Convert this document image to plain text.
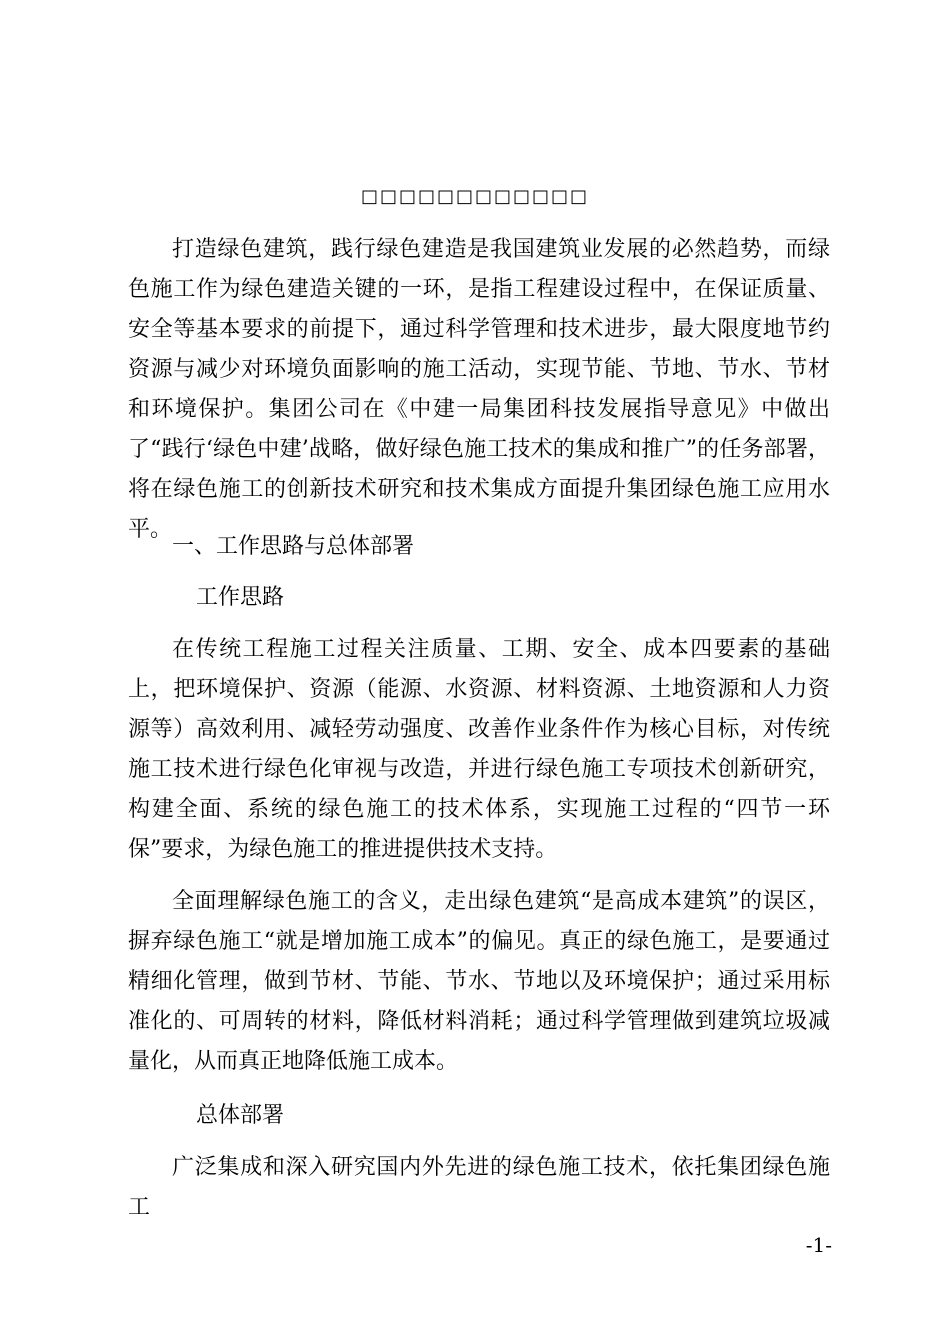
□□□□□□□□□□□□

打造绿色建筑，践行绿色建造是我国建筑业发展的必然趋势，而绿色施工作为绿色建造关键的一环，是指工程建设过程中，在保证质量、安全等基本要求的前提下，通过科学管理和技术进步，最大限度地节约资源与减少对环境负面影响的施工活动，实现节能、节地、节水、节材和环境保护。集团公司在《中建一局集团科技发展指导意见》中做出了“践行‘绿色中建’战略，做好绿色施工技术的集成和推广”的任务部署，将在绿色施工的创新技术研究和技术集成方面提升集团绿色施工应用水平。

一、工作思路与总体部署

工作思路

在传统工程施工过程关注质量、工期、安全、成本四要素的基础上，把环境保护、资源（能源、水资源、材料资源、土地资源和人力资源等）高效利用、减轻劳动强度、改善作业条件作为核心目标，对传统施工技术进行绿色化审视与改造，并进行绿色施工专项技术创新研究，构建全面、系统的绿色施工的技术体系，实现施工过程的“四节一环保”要求，为绿色施工的推进提供技术支持。

全面理解绿色施工的含义，走出绿色建筑“是高成本建筑”的误区，摒弃绿色施工“就是增加施工成本”的偏见。真正的绿色施工，是要通过精细化管理，做到节材、节能、节水、节地以及环境保护；通过采用标准化的、可周转的材料，降低材料消耗；通过科学管理做到建筑垃圾减量化，从而真正地降低施工成本。

总体部署

广泛集成和深入研究国内外先进的绿色施工技术，依托集团绿色施工

-1-
